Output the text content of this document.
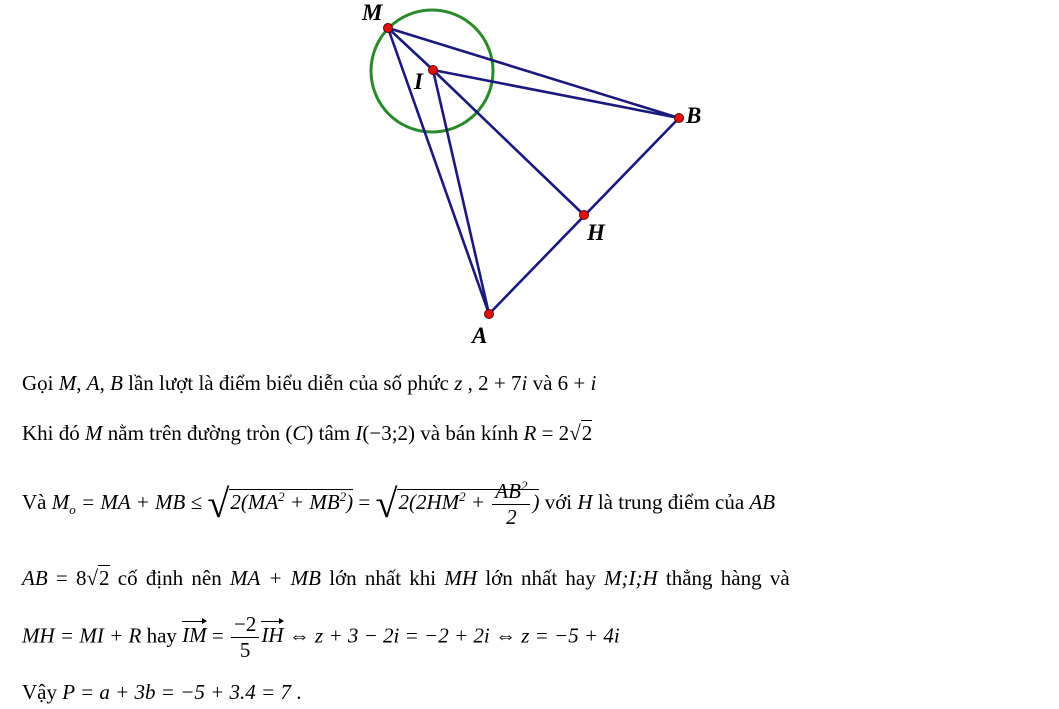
M
I
B
H
A
Gọi M, A, B lần lượt là điểm biểu diễn của số phức z , 2 + 7i và 6 + i
Khi đó M nằm trên đường tròn (C) tâm I(−3;2) và bán kính R = 2√2
Và $M_o$ = MA + MB ≤ $√2(MA^2 + MB^2) = √2(2HM^2 + \frac{AB^2}{2}$ ) với H là trung điểm của AB
AB = 8√2 cố định nên MA + MB lớn nhất khi MH lớn nhất hay M;I;H thẳng hàng và
MH = MI + R hay IM = $\frac{-2}{5}$ IH ⇔ z + 3 − 2i = −2 + 2i ⇔ z = −5 + 4i
Vậy P = a + 3b = −5 + 3.4 = 7 .
